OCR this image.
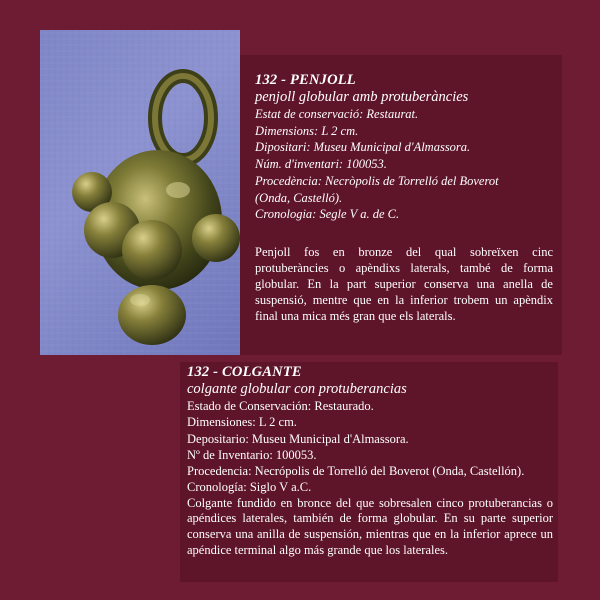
132 - PENJOLL
penjoll globular amb protuberàncies
Estat de conservació: Restaurat.
Dimensions: L 2 cm.
Dipositari: Museu Municipal d'Almassora.
Núm. d'inventari: 100053.
Procedència: Necròpolis de Torrelló del Boverot
(Onda, Castelló).
Cronologia: Segle V a. de C.
Penjoll fos en bronze del qual sobreïxen cinc protuberàncies o apèndixs laterals, també de forma globular. En la part superior conserva una anella de suspensió, mentre que en la inferior trobem un apèndix final una mica més gran que els laterals.
132 - COLGANTE
colgante globular con protuberancias
Estado de Conservación: Restaurado.
Dimensiones: L 2 cm.
Depositario: Museu Municipal d'Almassora.
Nº de Inventario: 100053.
Procedencia: Necrópolis de Torrelló del Boverot (Onda, Castellón).
Cronología: Siglo V a.C.
Colgante fundido en bronce del que sobresalen cinco protuberancias o apéndices laterales, también de forma globular. En su parte superior conserva una anilla de suspensión, mientras que en la inferior aprece un apéndice terminal algo más grande que los laterales.
